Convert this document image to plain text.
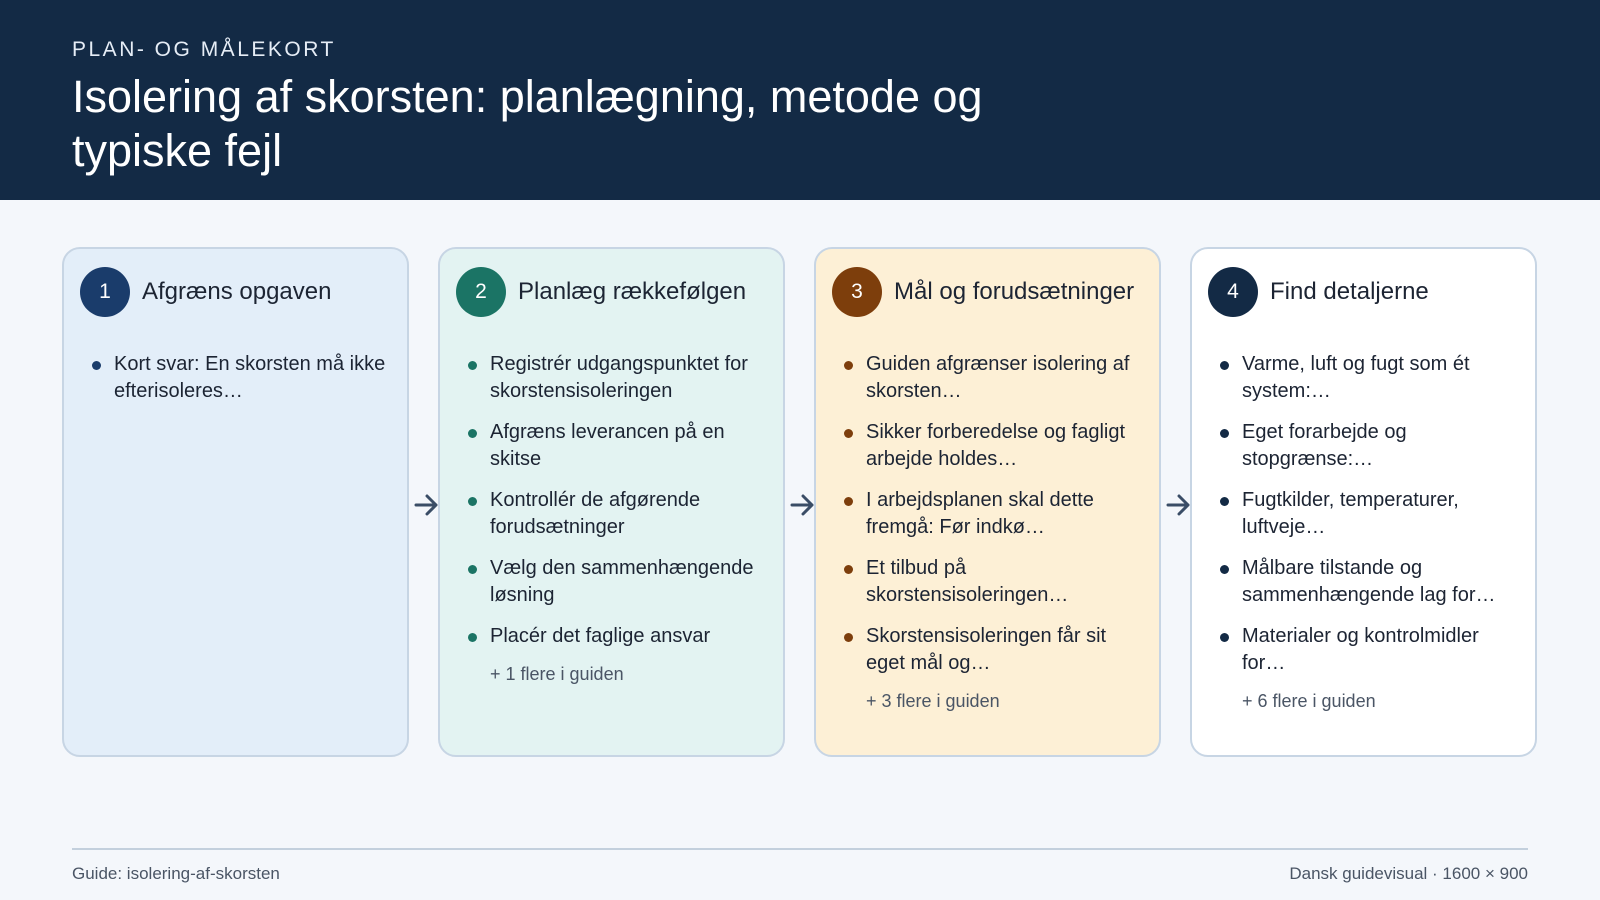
PLAN- OG MÅLEKORT
Isolering af skorsten: planlægning, metode og typiske fejl
1	Afgræns opgaven
Kort svar: En skorsten må ikke efterisoleres…
2	Planlæg rækkefølgen
Registrér udgangspunktet for skorstensisoleringen
Afgræns leverancen på en skitse
Kontrollér de afgørende forudsætninger
Vælg den sammenhængende løsning
Placér det faglige ansvar
+ 1 flere i guiden
3	Mål og forudsætninger
Guiden afgrænser isolering af skorsten…
Sikker forberedelse og fagligt arbejde holdes…
I arbejdsplanen skal dette fremgå: Før indkø…
Et tilbud på skorstensisoleringen…
Skorstensisoleringen får sit eget mål og…
+ 3 flere i guiden
4	Find detaljerne
Varme, luft og fugt som ét system:…
Eget forarbejde og stopgrænse:…
Fugtkilder, temperaturer, luftveje…
Målbare tilstande og sammenhængende lag for…
Materialer og kontrolmidler for…
+ 6 flere i guiden
Guide: isolering-af-skorsten	Dansk guidevisual · 1600 × 900
